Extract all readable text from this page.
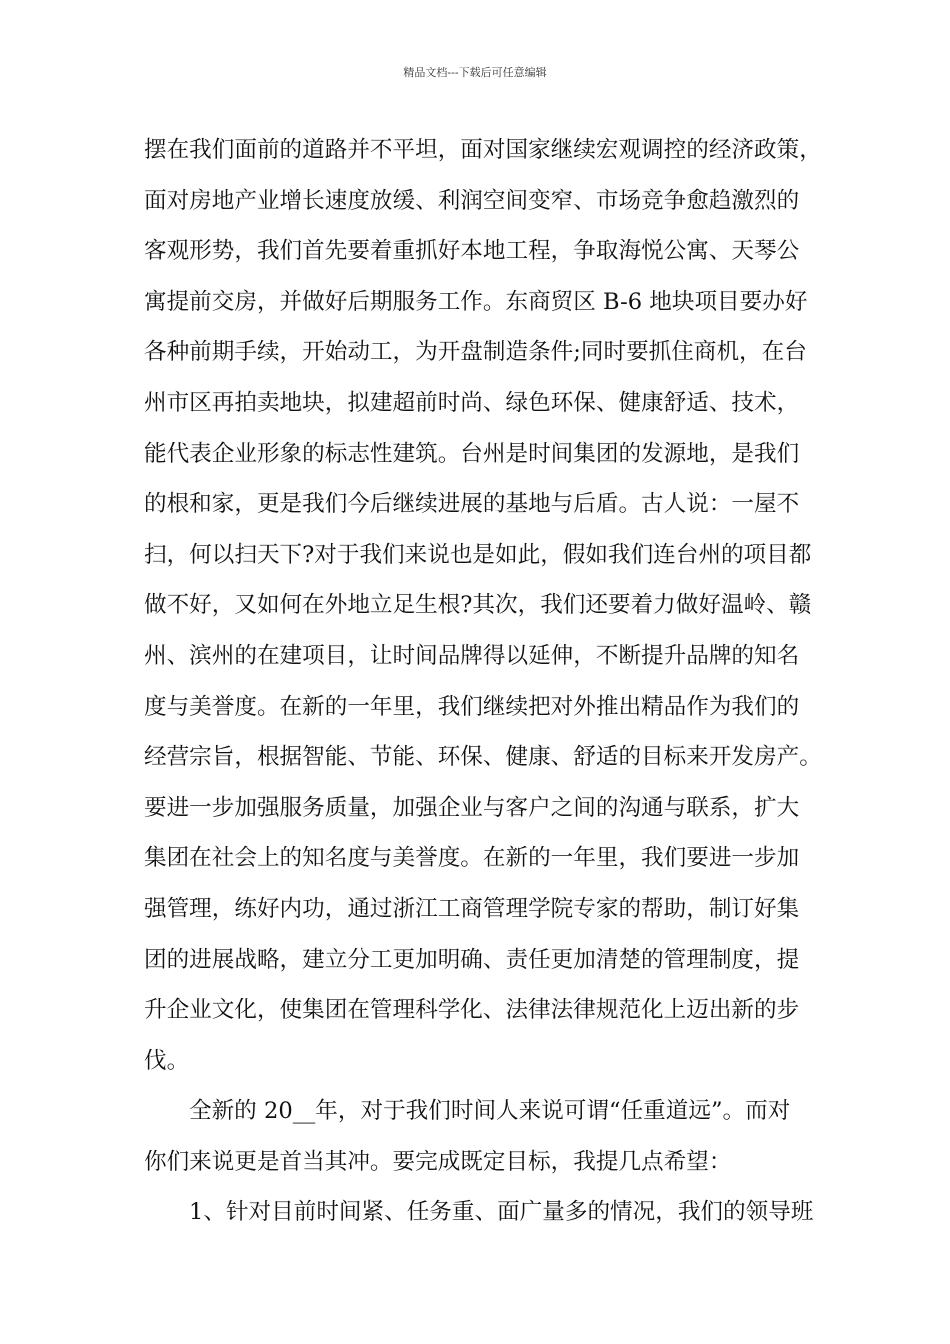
精品文档---下载后可任意编辑
摆在我们面前的道路并不平坦，面对国家继续宏观调控的经济政策，
面对房地产业增长速度放缓、利润空间变窄、市场竞争愈趋激烈的
客观形势，我们首先要着重抓好本地工程，争取海悦公寓、天琴公
寓提前交房，并做好后期服务工作。东商贸区 B-6 地块项目要办好
各种前期手续，开始动工，为开盘制造条件;同时要抓住商机，在台
州市区再拍卖地块，拟建超前时尚、绿色环保、健康舒适、技术，
能代表企业形象的标志性建筑。台州是时间集团的发源地，是我们
的根和家，更是我们今后继续进展的基地与后盾。古人说：一屋不
扫，何以扫天下?对于我们来说也是如此，假如我们连台州的项目都
做不好，又如何在外地立足生根?其次，我们还要着力做好温岭、赣
州、滨州的在建项目，让时间品牌得以延伸，不断提升品牌的知名
度与美誉度。在新的一年里，我们继续把对外推出精品作为我们的
经营宗旨，根据智能、节能、环保、健康、舒适的目标来开发房产。
要进一步加强服务质量，加强企业与客户之间的沟通与联系，扩大
集团在社会上的知名度与美誉度。在新的一年里，我们要进一步加
强管理，练好内功，通过浙江工商管理学院专家的帮助，制订好集
团的进展战略，建立分工更加明确、责任更加清楚的管理制度，提
升企业文化，使集团在管理科学化、法律法律规范化上迈出新的步
伐。
全新的 20__年，对于我们时间人来说可谓“任重道远”。而对
你们来说更是首当其冲。要完成既定目标，我提几点希望：
1、针对目前时间紧、任务重、面广量多的情况，我们的领导班
